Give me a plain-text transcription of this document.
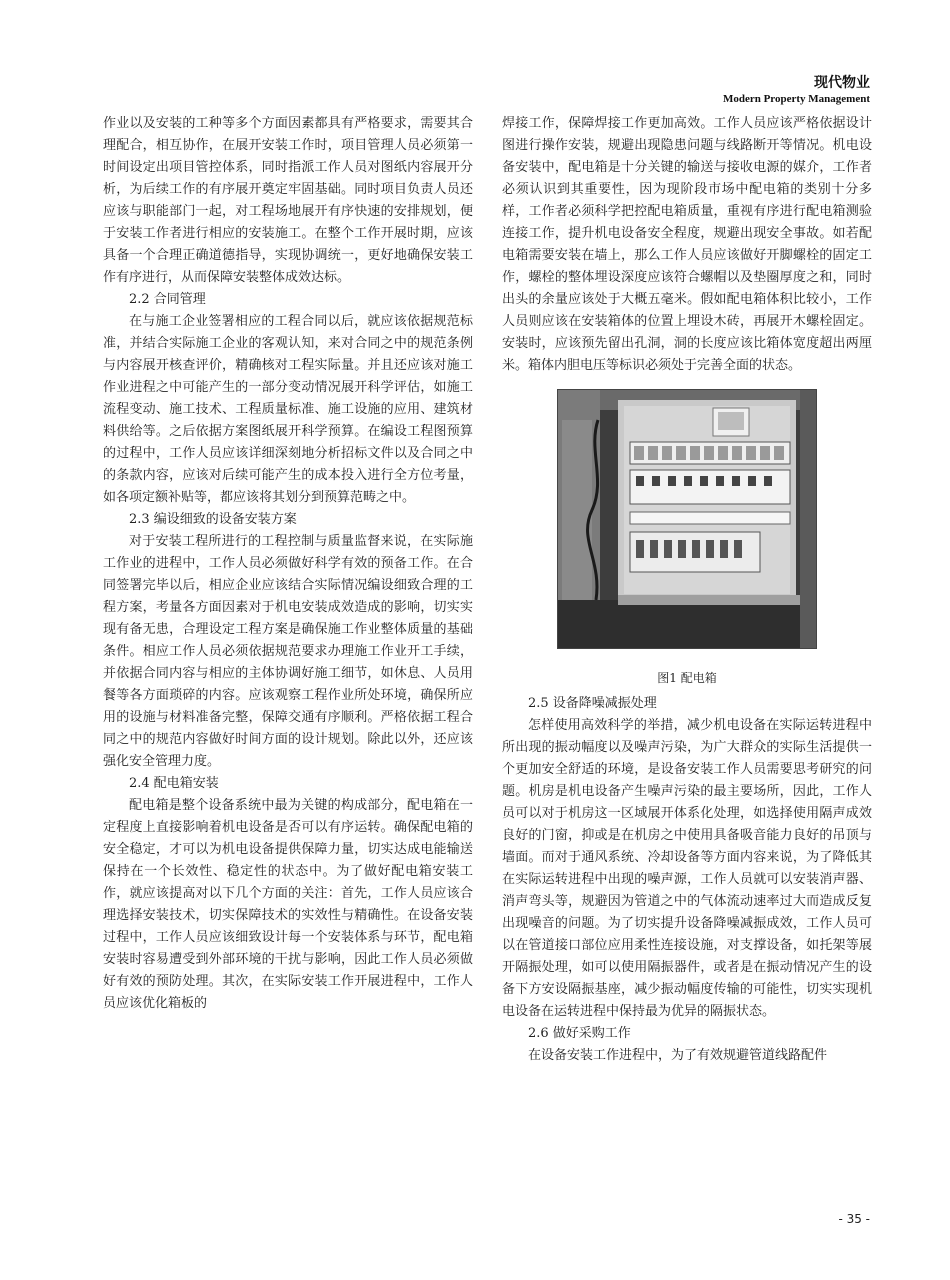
现代物业
Modern Property Management

作业以及安装的工种等多个方面因素都具有严格要求，需要其合理配合，相互协作，在展开安装工作时，项目管理人员必须第一时间设定出项目管控体系，同时指派工作人员对图纸内容展开分析，为后续工作的有序展开奠定牢固基础。同时项目负责人员还应该与职能部门一起，对工程场地展开有序快速的安排规划，便于安装工作者进行相应的安装施工。在整个工作开展时期，应该具备一个合理正确道德指导，实现协调统一，更好地确保安装工作有序进行，从而保障安装整体成效达标。

2.2 合同管理

在与施工企业签署相应的工程合同以后，就应该依据规范标准，并结合实际施工企业的客观认知，来对合同之中的规范条例与内容展开核查评价，精确核对工程实际量。并且还应该对施工作业进程之中可能产生的一部分变动情况展开科学评估，如施工流程变动、施工技术、工程质量标准、施工设施的应用、建筑材料供给等。之后依据方案图纸展开科学预算。在编设工程图预算的过程中，工作人员应该详细深刻地分析招标文件以及合同之中的条款内容，应该对后续可能产生的成本投入进行全方位考量，如各项定额补贴等，都应该将其划分到预算范畴之中。

2.3 编设细致的设备安装方案

对于安装工程所进行的工程控制与质量监督来说，在实际施工作业的进程中，工作人员必须做好科学有效的预备工作。在合同签署完毕以后，相应企业应该结合实际情况编设细致合理的工程方案，考量各方面因素对于机电安装成效造成的影响，切实实现有备无患，合理设定工程方案是确保施工作业整体质量的基础条件。相应工作人员必须依据规范要求办理施工作业开工手续，并依据合同内容与相应的主体协调好施工细节，如休息、人员用餐等各方面琐碎的内容。应该观察工程作业所处环境，确保所应用的设施与材料准备完整，保障交通有序顺利。严格依据工程合同之中的规范内容做好时间方面的设计规划。除此以外，还应该强化安全管理力度。

2.4 配电箱安装

配电箱是整个设备系统中最为关键的构成部分，配电箱在一定程度上直接影响着机电设备是否可以有序运转。确保配电箱的安全稳定，才可以为机电设备提供保障力量，切实达成电能输送保持在一个长效性、稳定性的状态中。为了做好配电箱安装工作，就应该提高对以下几个方面的关注：首先，工作人员应该合理选择安装技术，切实保障技术的实效性与精确性。在设备安装过程中，工作人员应该细致设计每一个安装体系与环节，配电箱安装时容易遭受到外部环境的干扰与影响，因此工作人员必须做好有效的预防处理。其次，在实际安装工作开展进程中，工作人员应该优化箱板的

焊接工作，保障焊接工作更加高效。工作人员应该严格依据设计图进行操作安装，规避出现隐患问题与线路断开等情况。机电设备安装中，配电箱是十分关键的输送与接收电源的媒介，工作者必须认识到其重要性，因为现阶段市场中配电箱的类别十分多样，工作者必须科学把控配电箱质量，重视有序进行配电箱测验连接工作，提升机电设备安全程度，规避出现安全事故。如若配电箱需要安装在墙上，那么工作人员应该做好开脚螺栓的固定工作，螺栓的整体埋设深度应该符合螺帽以及垫圈厚度之和，同时出头的余量应该处于大概五毫米。假如配电箱体积比较小，工作人员则应该在安装箱体的位置上埋设木砖，再展开木螺栓固定。安装时，应该预先留出孔洞，洞的长度应该比箱体宽度超出两厘米。箱体内胆电压等标识必须处于完善全面的状态。

图1 配电箱

2.5 设备降噪减振处理

怎样使用高效科学的举措，减少机电设备在实际运转进程中所出现的振动幅度以及噪声污染，为广大群众的实际生活提供一个更加安全舒适的环境，是设备安装工作人员需要思考研究的问题。机房是机电设备产生噪声污染的最主要场所，因此，工作人员可以对于机房这一区域展开体系化处理，如选择使用隔声成效良好的门窗，抑或是在机房之中使用具备吸音能力良好的吊顶与墙面。而对于通风系统、冷却设备等方面内容来说，为了降低其在实际运转进程中出现的噪声源，工作人员就可以安装消声器、消声弯头等，规避因为管道之中的气体流动速率过大而造成反复出现噪音的问题。为了切实提升设备降噪减振成效，工作人员可以在管道接口部位应用柔性连接设施，对支撑设备，如托架等展开隔振处理，如可以使用隔振器件，或者是在振动情况产生的设备下方安设隔振基座，减少振动幅度传输的可能性，切实实现机电设备在运转进程中保持最为优异的隔振状态。

2.6 做好采购工作

在设备安装工作进程中，为了有效规避管道线路配件

- 35 -
